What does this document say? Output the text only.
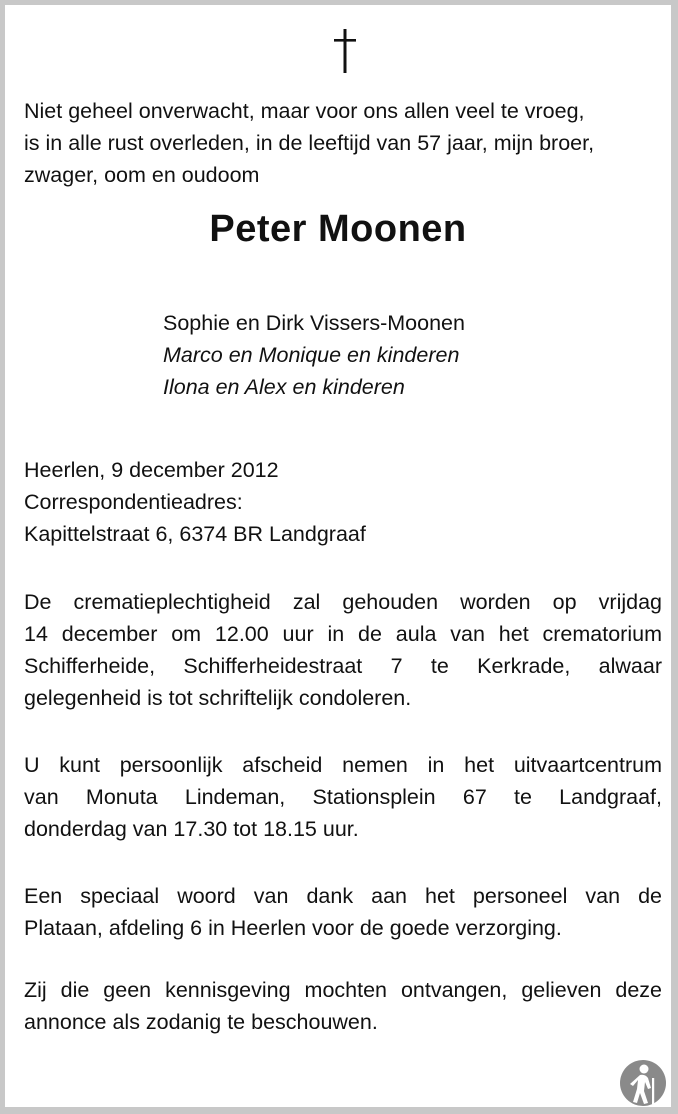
Niet geheel onverwacht, maar voor ons allen veel te vroeg,
is in alle rust overleden, in de leeftijd van 57 jaar, mijn broer,
zwager, oom en oudoom
Peter Moonen
Sophie en Dirk Vissers-Moonen
Marco en Monique en kinderen
Ilona en Alex en kinderen
Heerlen, 9 december 2012
Correspondentieadres:
Kapittelstraat 6, 6374 BR Landgraaf
De crematieplechtigheid zal gehouden worden op vrijdag
14 december om 12.00 uur in de aula van het crematorium
Schifferheide, Schifferheidestraat 7 te Kerkrade, alwaar
gelegenheid is tot schriftelijk condoleren.
U kunt persoonlijk afscheid nemen in het uitvaartcentrum
van Monuta Lindeman, Stationsplein 67 te Landgraaf,
donderdag van 17.30 tot 18.15 uur.
Een speciaal woord van dank aan het personeel van de
Plataan, afdeling 6 in Heerlen voor de goede verzorging.
Zij die geen kennisgeving mochten ontvangen, gelieven deze
annonce als zodanig te beschouwen.
